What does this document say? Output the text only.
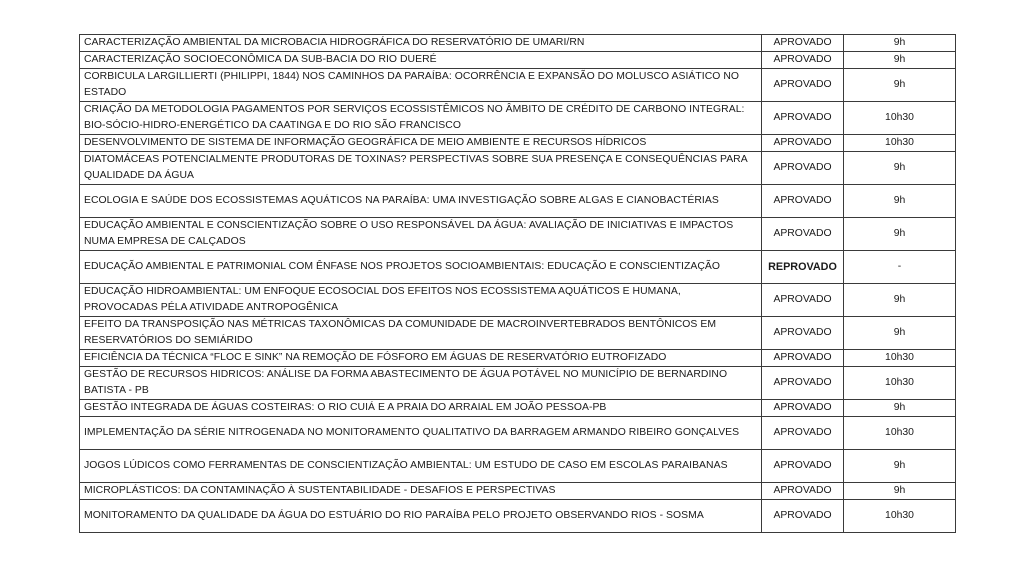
CARACTERIZAÇÃO AMBIENTAL DA MICROBACIA HIDROGRÁFICA DO RESERVATÓRIO DE UMARI/RN	APROVADO	9h
CARACTERIZAÇÃO SOCIOECONÔMICA DA SUB-BACIA DO RIO DUERÉ	APROVADO	9h
CORBICULA LARGILLIERTI (PHILIPPI, 1844) NOS CAMINHOS DA PARAÍBA: OCORRÊNCIA E EXPANSÃO DO MOLUSCO ASIÁTICO NO ESTADO	APROVADO	9h
CRIAÇÃO DA METODOLOGIA PAGAMENTOS POR SERVIÇOS ECOSSISTÊMICOS NO ÂMBITO DE CRÉDITO DE CARBONO INTEGRAL: BIO-SÓCIO-HIDRO-ENERGÉTICO DA CAATINGA E DO RIO SÃO FRANCISCO	APROVADO	10h30
DESENVOLVIMENTO DE SISTEMA DE INFORMAÇÃO GEOGRÁFICA DE MEIO AMBIENTE E RECURSOS HÍDRICOS	APROVADO	10h30
DIATOMÁCEAS POTENCIALMENTE PRODUTORAS DE TOXINAS? PERSPECTIVAS SOBRE SUA PRESENÇA E CONSEQUÊNCIAS PARA QUALIDADE DA ÁGUA	APROVADO	9h
ECOLOGIA E SAÚDE DOS ECOSSISTEMAS AQUÁTICOS NA PARAÍBA: UMA INVESTIGAÇÃO SOBRE ALGAS E CIANOBACTÉRIAS	APROVADO	9h
EDUCAÇÃO AMBIENTAL E CONSCIENTIZAÇÃO SOBRE O USO RESPONSÁVEL DA ÁGUA: AVALIAÇÃO DE INICIATIVAS E IMPACTOS NUMA EMPRESA DE CALÇADOS	APROVADO	9h
EDUCAÇÃO AMBIENTAL E PATRIMONIAL COM ÊNFASE NOS PROJETOS SOCIOAMBIENTAIS: EDUCAÇÃO E CONSCIENTIZAÇÃO	REPROVADO	-
EDUCAÇÃO HIDROAMBIENTAL: UM ENFOQUE ECOSOCIAL DOS EFEITOS NOS ECOSSISTEMA AQUÁTICOS E HUMANA, PROVOCADAS PÉLA ATIVIDADE ANTROPOGÊNICA	APROVADO	9h
EFEITO DA TRANSPOSIÇÃO NAS MÉTRICAS TAXONÔMICAS DA COMUNIDADE DE MACROINVERTEBRADOS BENTÔNICOS EM RESERVATÓRIOS DO SEMIÁRIDO	APROVADO	9h
EFICIÊNCIA DA TÉCNICA “FLOC E SINK” NA REMOÇÃO DE FÓSFORO EM ÁGUAS DE RESERVATÓRIO EUTROFIZADO	APROVADO	10h30
GESTÃO DE RECURSOS HIDRICOS: ANÁLISE DA FORMA ABASTECIMENTO DE ÁGUA POTÁVEL NO MUNICÍPIO DE BERNARDINO BATISTA - PB	APROVADO	10h30
GESTÃO INTEGRADA DE ÁGUAS COSTEIRAS: O RIO CUIÁ E A PRAIA DO ARRAIAL EM JOÃO PESSOA-PB	APROVADO	9h
IMPLEMENTAÇÃO DA SÉRIE NITROGENADA NO MONITORAMENTO QUALITATIVO DA BARRAGEM ARMANDO RIBEIRO GONÇALVES	APROVADO	10h30
JOGOS LÚDICOS COMO FERRAMENTAS DE CONSCIENTIZAÇÃO AMBIENTAL: UM ESTUDO DE CASO EM ESCOLAS PARAIBANAS	APROVADO	9h
MICROPLÁSTICOS: DA CONTAMINAÇÃO À SUSTENTABILIDADE - DESAFIOS E PERSPECTIVAS	APROVADO	9h
MONITORAMENTO DA QUALIDADE DA ÁGUA DO ESTUÁRIO DO RIO PARAÍBA PELO PROJETO OBSERVANDO RIOS - SOSMA	APROVADO	10h30
